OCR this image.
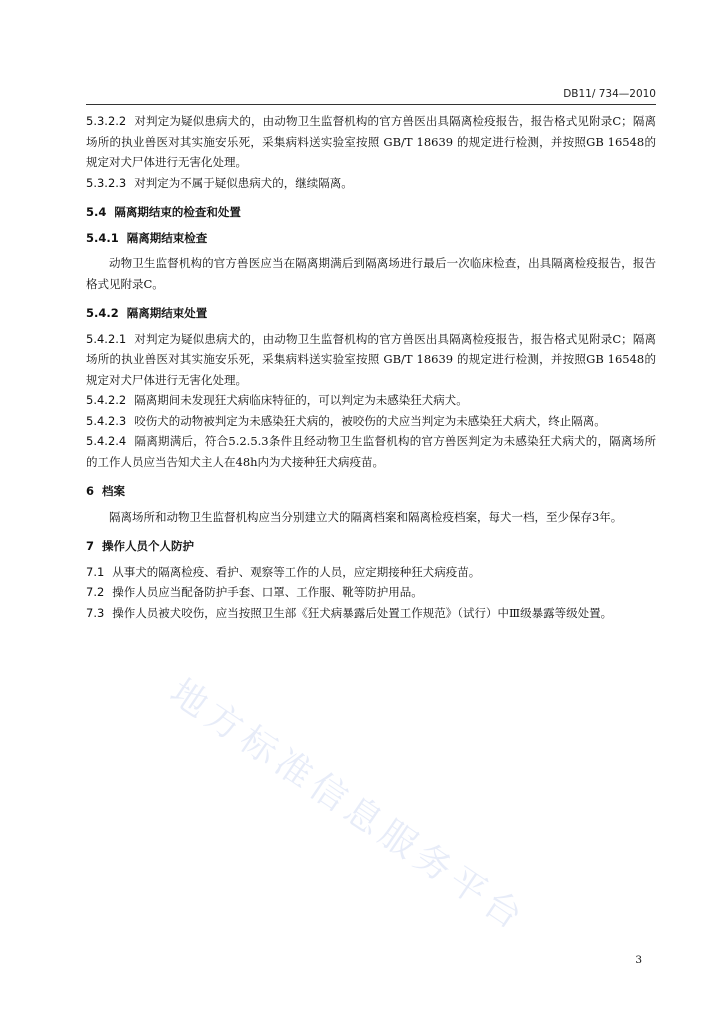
DB11/ 734—2010

5.3.2.2 对判定为疑似患病犬的，由动物卫生监督机构的官方兽医出具隔离检疫报告，报告格式见附录C；隔离场所的执业兽医对其实施安乐死，采集病料送实验室按照 GB/T 18639 的规定进行检测，并按照GB 16548的规定对犬尸体进行无害化处理。

5.3.2.3 对判定为不属于疑似患病犬的，继续隔离。

5.4 隔离期结束的检查和处置

5.4.1 隔离期结束检查

动物卫生监督机构的官方兽医应当在隔离期满后到隔离场进行最后一次临床检查，出具隔离检疫报告，报告格式见附录C。

5.4.2 隔离期结束处置

5.4.2.1 对判定为疑似患病犬的，由动物卫生监督机构的官方兽医出具隔离检疫报告，报告格式见附录C；隔离场所的执业兽医对其实施安乐死，采集病料送实验室按照 GB/T 18639 的规定进行检测，并按照GB 16548的规定对犬尸体进行无害化处理。

5.4.2.2 隔离期间未发现狂犬病临床特征的，可以判定为未感染狂犬病犬。

5.4.2.3 咬伤犬的动物被判定为未感染狂犬病的，被咬伤的犬应当判定为未感染狂犬病犬，终止隔离。

5.4.2.4 隔离期满后，符合5.2.5.3条件且经动物卫生监督机构的官方兽医判定为未感染狂犬病犬的，隔离场所的工作人员应当告知犬主人在48h内为犬接种狂犬病疫苗。

6 档案

隔离场所和动物卫生监督机构应当分别建立犬的隔离档案和隔离检疫档案，每犬一档，至少保存3年。

7 操作人员个人防护

7.1 从事犬的隔离检疫、看护、观察等工作的人员，应定期接种狂犬病疫苗。

7.2 操作人员应当配备防护手套、口罩、工作服、靴等防护用品。

7.3 操作人员被犬咬伤，应当按照卫生部《狂犬病暴露后处置工作规范》（试行）中Ⅲ级暴露等级处置。

地方标准信息服务平台
3
